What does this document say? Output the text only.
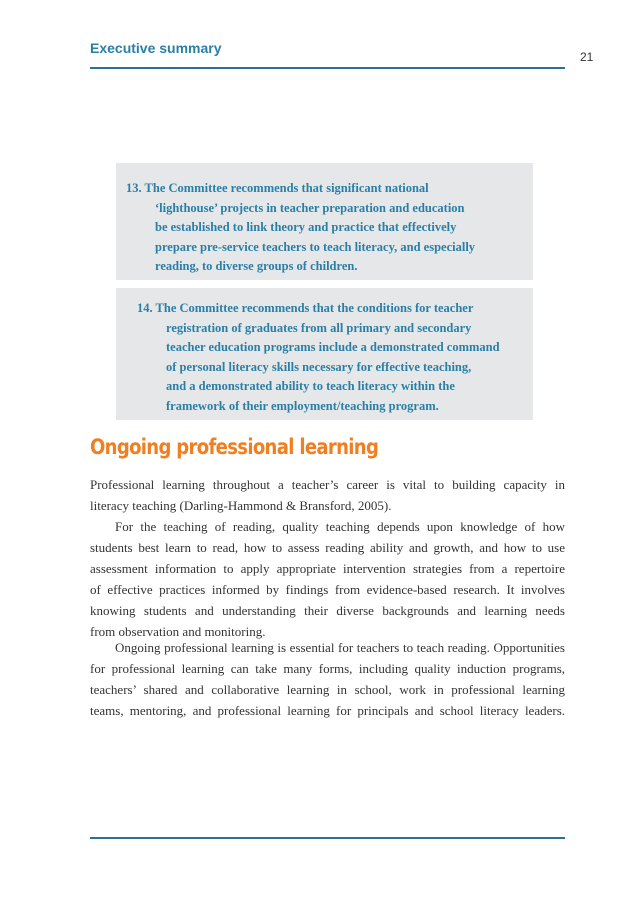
Executive summary
21
13. The Committee recommends that significant national
‘lighthouse’ projects in teacher preparation and education
be established to link theory and practice that effectively
prepare pre-service teachers to teach literacy, and especially
reading, to diverse groups of children.
14. The Committee recommends that the conditions for teacher
registration of graduates from all primary and secondary
teacher education programs include a demonstrated command
of personal literacy skills necessary for effective teaching,
and a demonstrated ability to teach literacy within the
framework of their employment/teaching program.
Ongoing professional learning
Professional learning throughout a teacher’s career is vital to building capacity in
literacy teaching (Darling-Hammond & Bransford, 2005).
For the teaching of reading, quality teaching depends upon knowledge of how
students best learn to read, how to assess reading ability and growth, and how to use
assessment information to apply appropriate intervention strategies from a repertoire
of effective practices informed by findings from evidence-based research. It involves
knowing students and understanding their diverse backgrounds and learning needs
from observation and monitoring.
Ongoing professional learning is essential for teachers to teach reading. Opportunities
for professional learning can take many forms, including quality induction programs,
teachers’ shared and collaborative learning in school, work in professional learning
teams, mentoring, and professional learning for principals and school literacy leaders.
